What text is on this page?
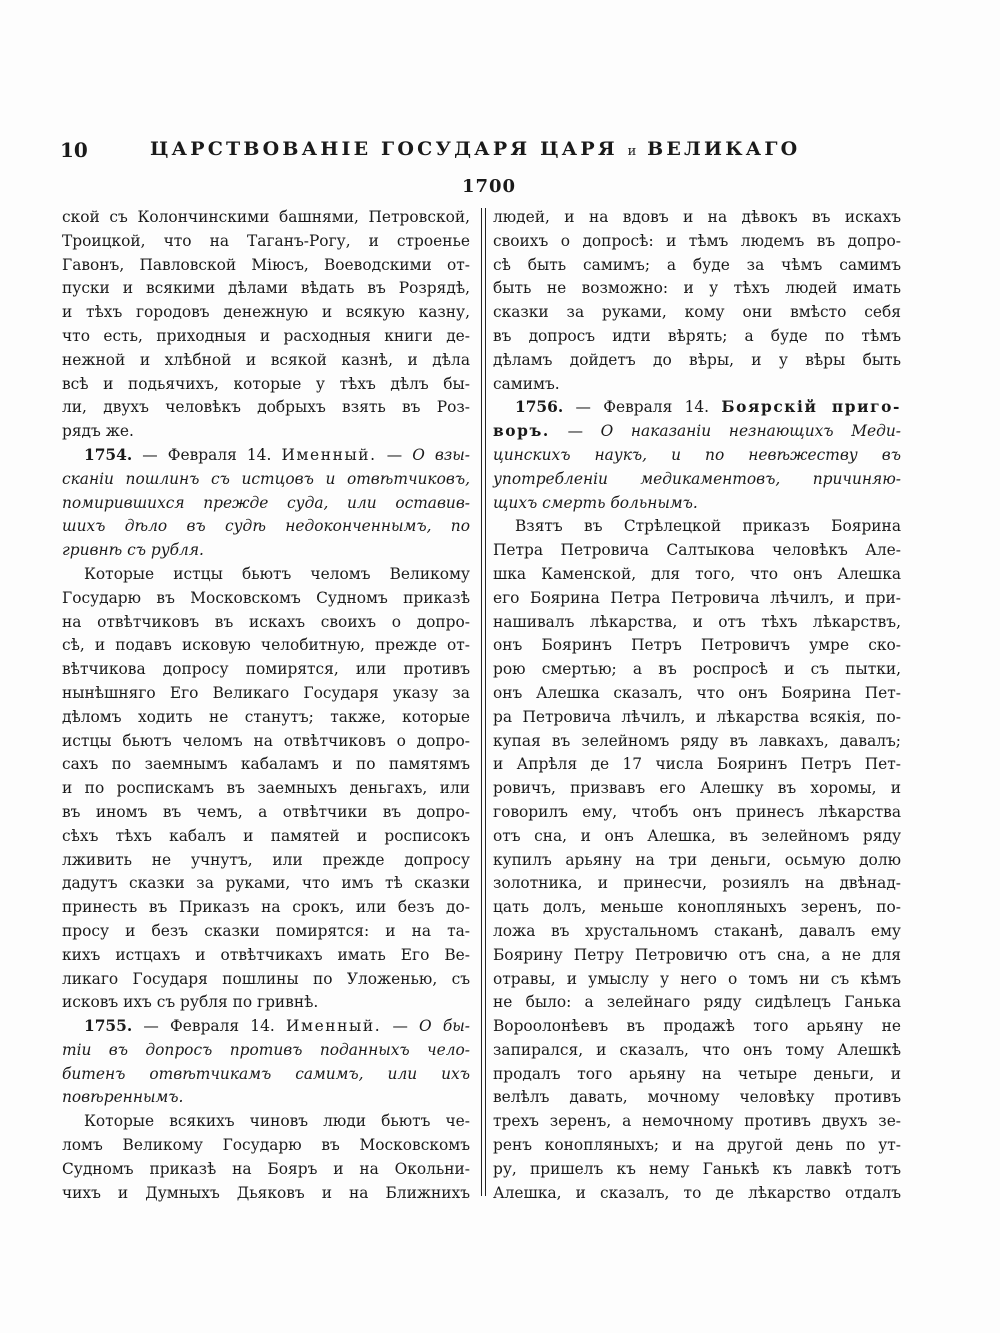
10	ЦАРСТВОВАНІЕ ГОСУДАРЯ ЦАРЯ и ВЕЛИКАГО
1700
ской съ Колончинскими башнями, Петровской,
Троицкой, что на Таганъ-Рогу, и строенье
Гавонъ, Павловской Міюсъ, Воеводскими от-
пуски и всякими дѣлами вѣдать въ Розрядѣ,
и тѣхъ городовъ денежную и всякую казну,
что есть, приходныя и расходныя книги де-
нежной и хлѣбной и всякой казнѣ, и дѣла
всѣ и подьячихъ, которые у тѣхъ дѣлъ бы-
ли, двухъ человѣкъ добрыхъ взять въ Роз-
рядъ же.
1754. — Февраля 14. Именный. — О взы-
сканіи пошлинъ съ истцовъ и отвѣтчиковъ,
помирившихся прежде суда, или оставив-
шихъ дѣло въ судѣ недоконченнымъ, по
гривнѣ съ рубля.
Которые истцы бьютъ челомъ Великому
Государю въ Московскомъ Судномъ приказѣ
на отвѣтчиковъ въ искахъ своихъ о допро-
сѣ, и подавъ исковую челобитную, прежде от-
вѣтчикова допросу помирятся, или противъ
нынѣшняго Его Великаго Государя указу за
дѣломъ ходить не станутъ; также, которые
истцы бьютъ челомъ на отвѣтчиковъ о допро-
сахъ по заемнымъ кабаламъ и по памятямъ
и по роспискамъ въ заемныхъ деньгахъ, или
въ иномъ въ чемъ, а отвѣтчики въ допро-
сѣхъ тѣхъ кабалъ и памятей и росписокъ
лживить не учнутъ, или прежде допросу
дадутъ сказки за руками, что имъ тѣ сказки
принесть въ Приказъ на срокъ, или безъ до-
просу и безъ сказки помирятся: и на та-
кихъ истцахъ и отвѣтчикахъ имать Его Ве-
ликаго Государя пошлины по Уложенью, съ
исковъ ихъ съ рубля по гривнѣ.
1755. — Февраля 14. Именный. — О бы-
тіи въ допросъ противъ поданныхъ чело-
битенъ отвѣтчикамъ самимъ, или ихъ
повѣреннымъ.
Которые всякихъ чиновъ люди бьютъ че-
ломъ Великому Государю въ Московскомъ
Судномъ приказѣ на Бояръ и на Окольни-
чихъ и Думныхъ Дьяковъ и на Ближнихъ
людей, и на вдовъ и на дѣвокъ въ искахъ
своихъ о допросѣ: и тѣмъ людемъ въ допро-
сѣ быть самимъ; а буде за чѣмъ самимъ
быть не возможно: и у тѣхъ людей имать
сказки за руками, кому они вмѣсто себя
въ допросъ идти вѣрять; а буде по тѣмъ
дѣламъ дойдетъ до вѣры, и у вѣры быть
самимъ.
1756. — Февраля 14. Боярскій приго-
воръ. — О наказаніи незнающихъ Меди-
цинскихъ наукъ, и по невѣжеству въ
употребленіи медикаментовъ, причиняю-
щихъ смерть больнымъ.
Взятъ въ Стрѣлецкой приказъ Боярина
Петра Петровича Салтыкова человѣкъ Але-
шка Каменской, для того, что онъ Алешка
его Боярина Петра Петровича лѣчилъ, и при-
нашивалъ лѣкарства, и отъ тѣхъ лѣкарствъ,
онъ Бояринъ Петръ Петровичъ умре ско-
рою смертью; а въ роспросѣ и съ пытки,
онъ Алешка сказалъ, что онъ Боярина Пет-
ра Петровича лѣчилъ, и лѣкарства всякія, по-
купая въ зелейномъ ряду въ лавкахъ, давалъ;
и Апрѣля де 17 числа Бояринъ Петръ Пет-
ровичъ, призвавъ его Алешку въ хоромы, и
говорилъ ему, чтобъ онъ принесъ лѣкарства
отъ сна, и онъ Алешка, въ зелейномъ ряду
купилъ арьяну на три деньги, осьмую долю
золотника, и принесчи, розиялъ на двѣнад-
цать долъ, меньше конопляныхъ зеренъ, по-
ложа въ хрустальномъ стаканѣ, давалъ ему
Боярину Петру Петровичю отъ сна, а не для
отравы, и умыслу у него о томъ ни съ кѣмъ
не было: а зелейнаго ряду сидѣлецъ Ганька
Вороолонѣевъ въ продажѣ того арьяну не
запирался, и сказалъ, что онъ тому Алешкѣ
продалъ того арьяну на четыре деньги, и
велѣлъ давать, мочному человѣку противъ
трехъ зеренъ, а немочному противъ двухъ зе-
ренъ конопляныхъ; и на другой день по ут-
ру, пришелъ къ нему Ганькѣ къ лавкѣ тотъ
Алешка, и сказалъ, то де лѣкарство отдалъ
